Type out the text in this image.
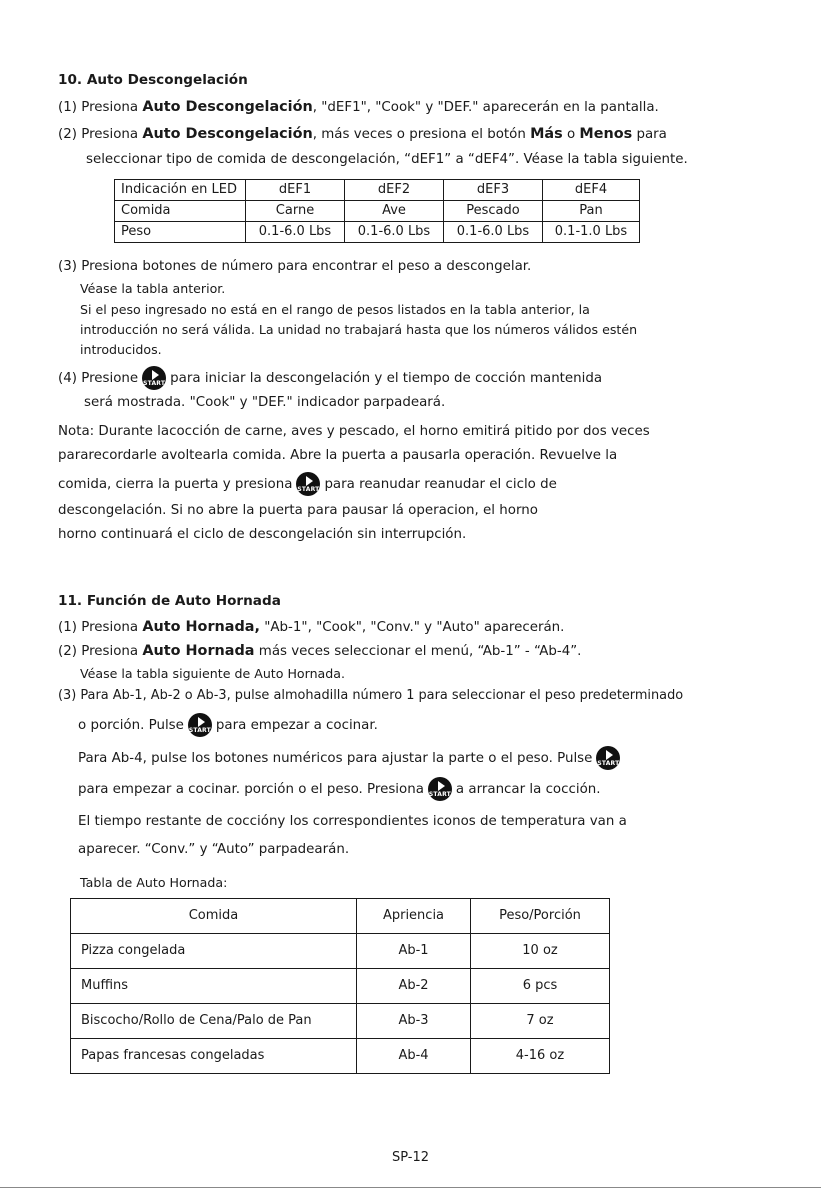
10. Auto Descongelación
(1) Presiona Auto Descongelación, "dEF1", "Cook" y "DEF." aparecerán en la pantalla.
(2) Presiona Auto Descongelación, más veces o presiona el botón Más o Menos para
seleccionar tipo de comida de descongelación, “dEF1” a “dEF4”. Véase la tabla siguiente.
Indicación en LED	dEF1	dEF2	dEF3	dEF4
Comida	Carne	Ave	Pescado	Pan
Peso	0.1-6.0 Lbs	0.1-6.0 Lbs	0.1-6.0 Lbs	0.1-1.0 Lbs
(3) Presiona botones de número para encontrar el peso a descongelar.
Véase la tabla anterior.
Si el peso ingresado no está en el rango de pesos listados en la tabla anterior, la
introducción no será válida. La unidad no trabajará hasta que los números válidos estén
introducidos.
(4) Presione START para iniciar la descongelación y el tiempo de cocción mantenida
será mostrada. "Cook" y "DEF." indicador parpadeará.
Nota: Durante lacocción de carne, aves y pescado, el horno emitirá pitido por dos veces
pararecordarle avoltearla comida. Abre la puerta a pausarla operación. Revuelve la
comida, cierra la puerta y presiona START para reanudar reanudar el ciclo de
descongelación. Si no abre la puerta para pausar lá operacion, el horno
horno continuará el ciclo de descongelación sin interrupción.
11. Función de Auto Hornada
(1) Presiona Auto Hornada, "Ab-1", "Cook", "Conv." y "Auto" aparecerán.
(2) Presiona Auto Hornada más veces seleccionar el menú, “Ab-1” - “Ab-4”.
Véase la tabla siguiente de Auto Hornada.
(3) Para Ab-1, Ab-2 o Ab-3, pulse almohadilla número 1 para seleccionar el peso predeterminado
o porción. Pulse START para empezar a cocinar.
Para Ab-4, pulse los botones numéricos para ajustar la parte o el peso. Pulse START
para empezar a cocinar. porción o el peso. Presiona START a arrancar la cocción.
El tiempo restante de coccióny los correspondientes iconos de temperatura van a
aparecer. “Conv.” y “Auto” parpadearán.
Tabla de Auto Hornada:
Comida	Apriencia	Peso/Porción
Pizza congelada	Ab-1	10 oz
Muffins	Ab-2	6 pcs
Biscocho/Rollo de Cena/Palo de Pan	Ab-3	7 oz
Papas francesas congeladas	Ab-4	4-16 oz
SP-12
